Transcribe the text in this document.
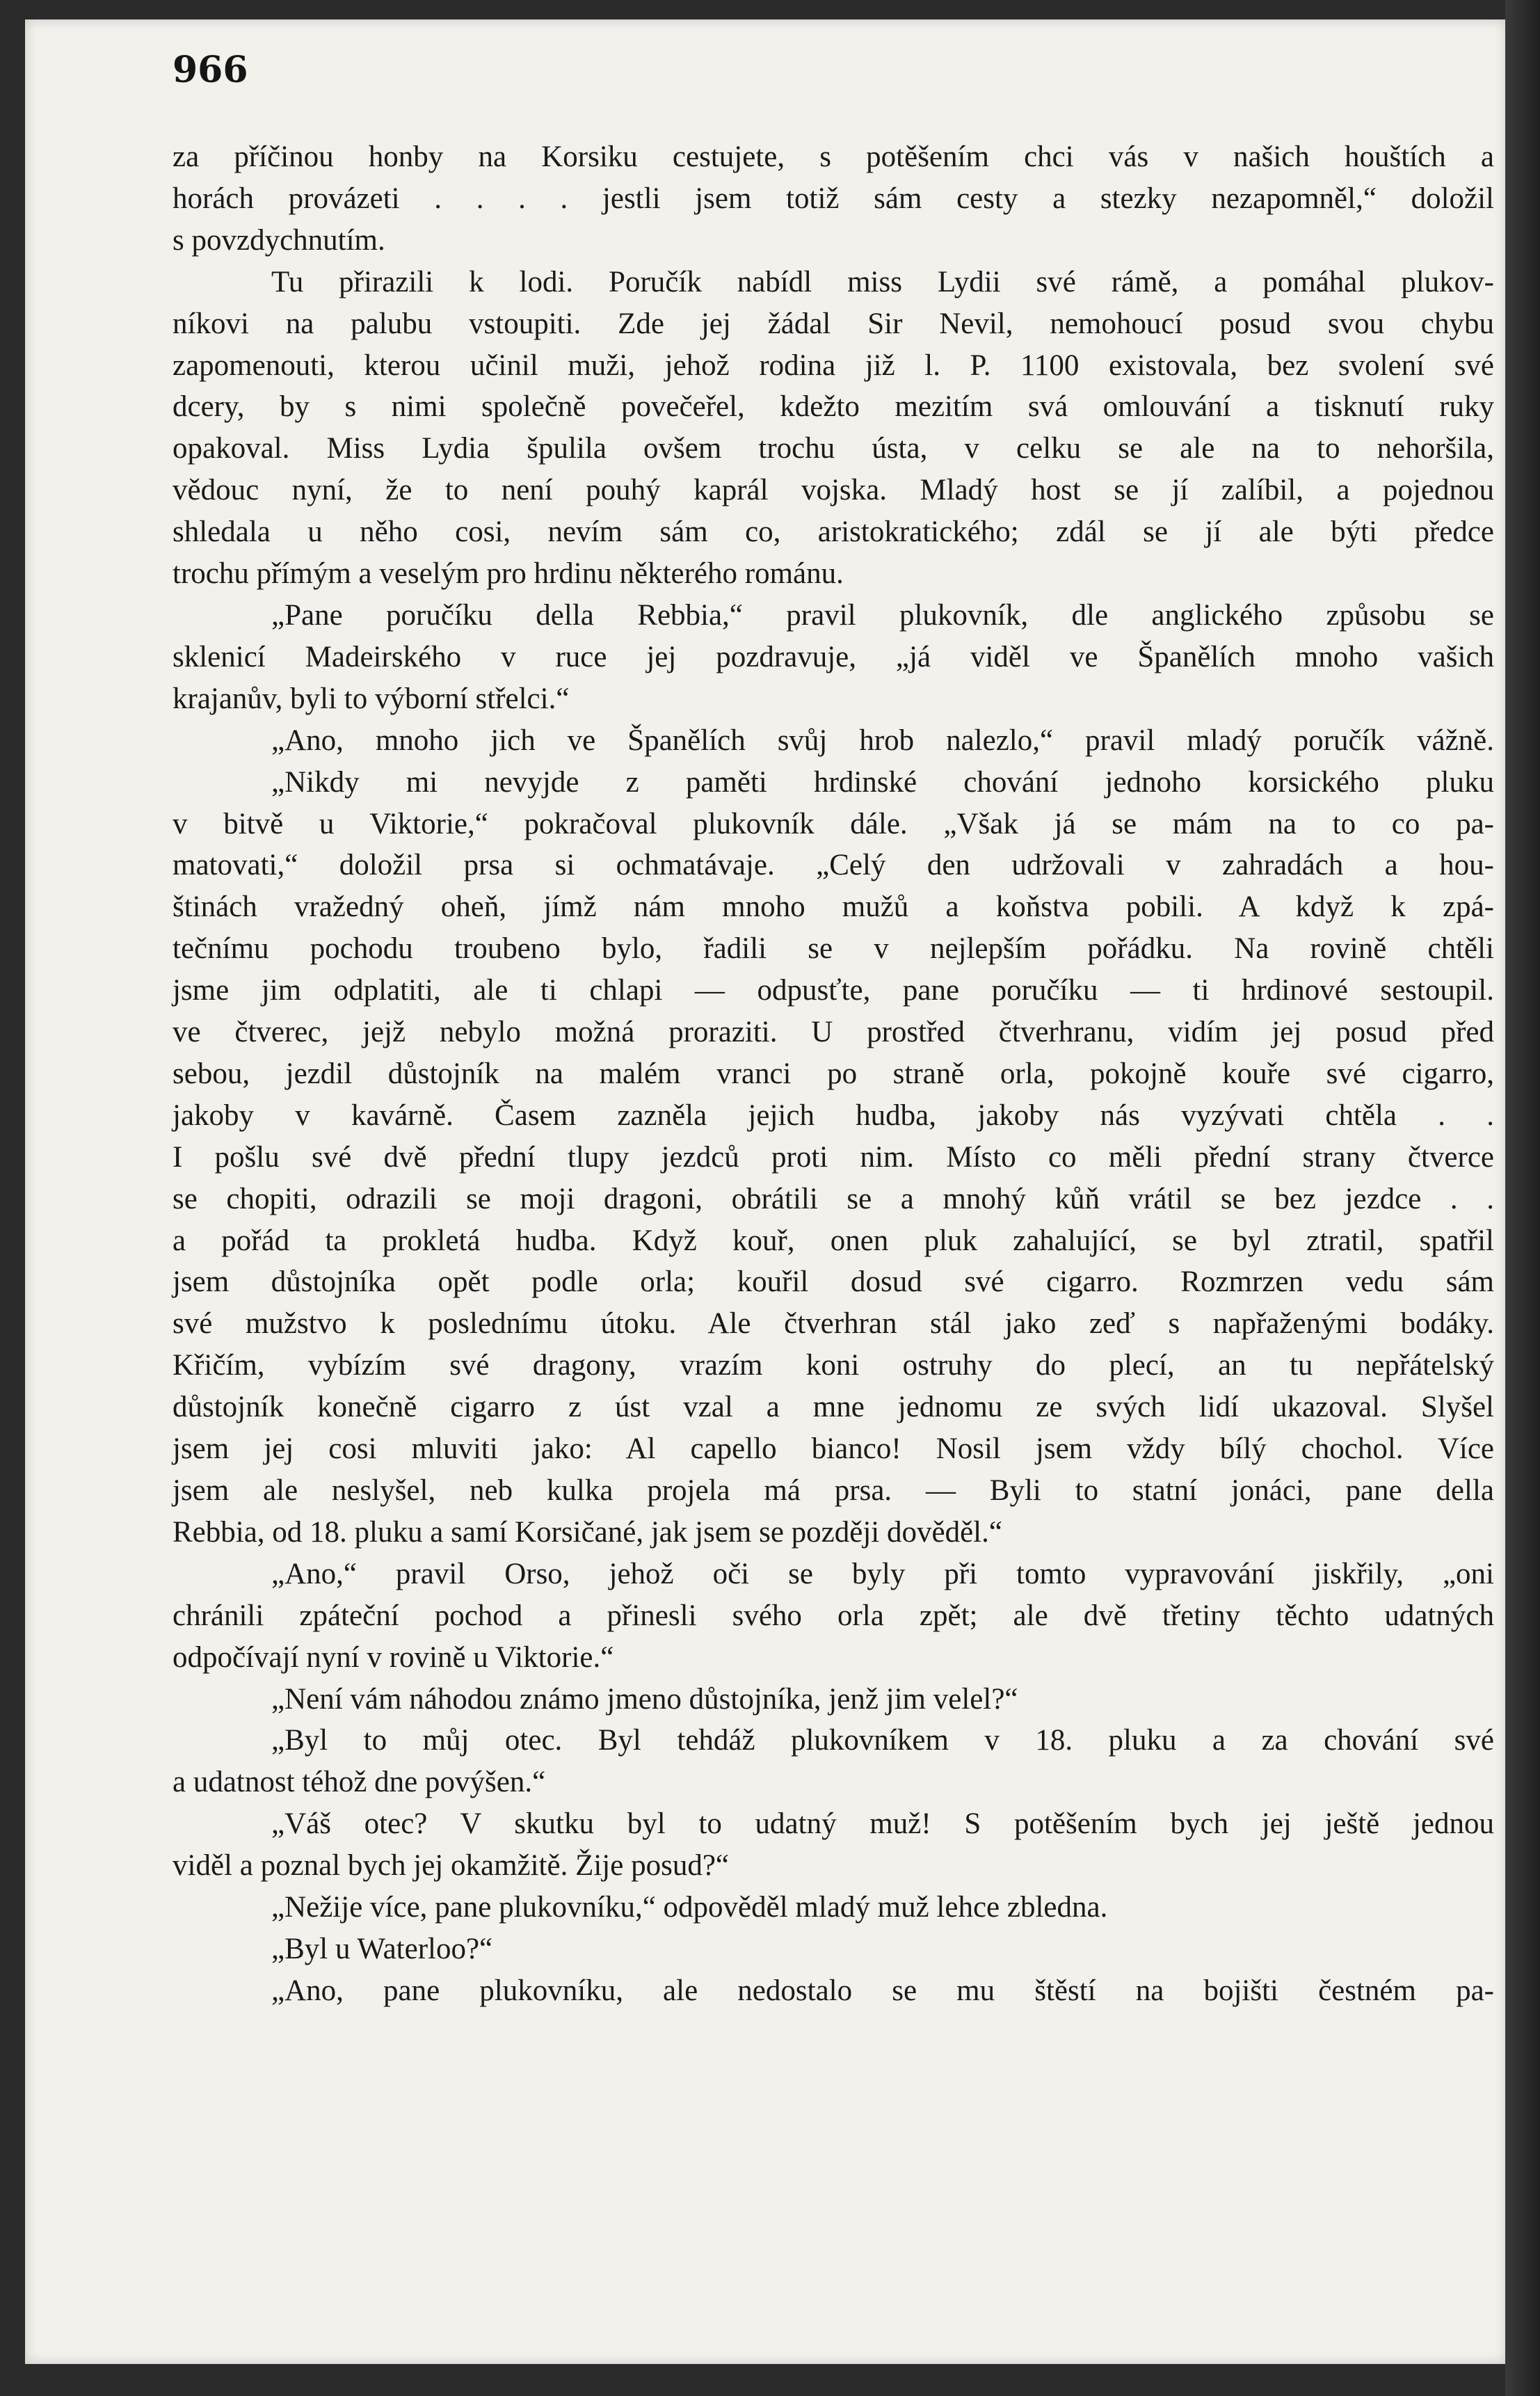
966
za příčinou honby na Korsiku cestujete, s potěšením chci vás v našich houštích a
horách provázeti . . . . jestli jsem totiž sám cesty a stezky nezapomněl,“ doložil
s povzdychnutím.
Tu přirazili k lodi. Poručík nabídl miss Lydii své rámě, a pomáhal plukov-
níkovi na palubu vstoupiti. Zde jej žádal Sir Nevil, nemohoucí posud svou chybu
zapomenouti, kterou učinil muži, jehož rodina již l. P. 1100 existovala, bez svolení své
dcery, by s nimi společně povečeřel, kdežto mezitím svá omlouvání a tisknutí ruky
opakoval. Miss Lydia špulila ovšem trochu ústa, v celku se ale na to nehoršila,
vědouc nyní, že to není pouhý kaprál vojska. Mladý host se jí zalíbil, a pojednou
shledala u něho cosi, nevím sám co, aristokratického; zdál se jí ale býti předce
trochu přímým a veselým pro hrdinu některého románu.
„Pane poručíku della Rebbia,“ pravil plukovník, dle anglického způsobu se
sklenicí Madeirského v ruce jej pozdravuje, „já viděl ve Španělích mnoho vašich
krajanův, byli to výborní střelci.“
„Ano, mnoho jich ve Španělích svůj hrob nalezlo,“ pravil mladý poručík vážně.
„Nikdy mi nevyjde z paměti hrdinské chování jednoho korsického pluku
v bitvě u Viktorie,“ pokračoval plukovník dále. „Však já se mám na to co pa-
matovati,“ doložil prsa si ochmatávaje. „Celý den udržovali v zahradách a hou-
štinách vražedný oheň, jímž nám mnoho mužů a koňstva pobili. A když k zpá-
tečnímu pochodu troubeno bylo, řadili se v nejlepším pořádku. Na rovině chtěli
jsme jim odplatiti, ale ti chlapi — odpusťte, pane poručíku — ti hrdinové sestoupil.
ve čtverec, jejž nebylo možná proraziti. U prostřed čtverhranu, vidím jej posud před
sebou, jezdil důstojník na malém vranci po straně orla, pokojně kouře své cigarro,
jakoby v kavárně. Časem zazněla jejich hudba, jakoby nás vyzývati chtěla . .
I pošlu své dvě přední tlupy jezdců proti nim. Místo co měli přední strany čtverce
se chopiti, odrazili se moji dragoni, obrátili se a mnohý kůň vrátil se bez jezdce . .
a pořád ta prokletá hudba. Když kouř, onen pluk zahalující, se byl ztratil, spatřil
jsem důstojníka opět podle orla; kouřil dosud své cigarro. Rozmrzen vedu sám
své mužstvo k poslednímu útoku. Ale čtverhran stál jako zeď s napřaženými bodáky.
Křičím, vybízím své dragony, vrazím koni ostruhy do plecí, an tu nepřátelský
důstojník konečně cigarro z úst vzal a mne jednomu ze svých lidí ukazoval. Slyšel
jsem jej cosi mluviti jako: Al capello bianco! Nosil jsem vždy bílý chochol. Více
jsem ale neslyšel, neb kulka projela má prsa. — Byli to statní jonáci, pane della
Rebbia, od 18. pluku a samí Korsičané, jak jsem se později dověděl.“
„Ano,“ pravil Orso, jehož oči se byly při tomto vypravování jiskřily, „oni
chránili zpáteční pochod a přinesli svého orla zpět; ale dvě třetiny těchto udatných
odpočívají nyní v rovině u Viktorie.“
„Není vám náhodou známo jmeno důstojníka, jenž jim velel?“
„Byl to můj otec. Byl tehdáž plukovníkem v 18. pluku a za chování své
a udatnost téhož dne povýšen.“
„Váš otec? V skutku byl to udatný muž! S potěšením bych jej ještě jednou
viděl a poznal bych jej okamžitě. Žije posud?“
„Nežije více, pane plukovníku,“ odpověděl mladý muž lehce zbledna.
„Byl u Waterloo?“
„Ano, pane plukovníku, ale nedostalo se mu štěstí na bojišti čestném pa-
